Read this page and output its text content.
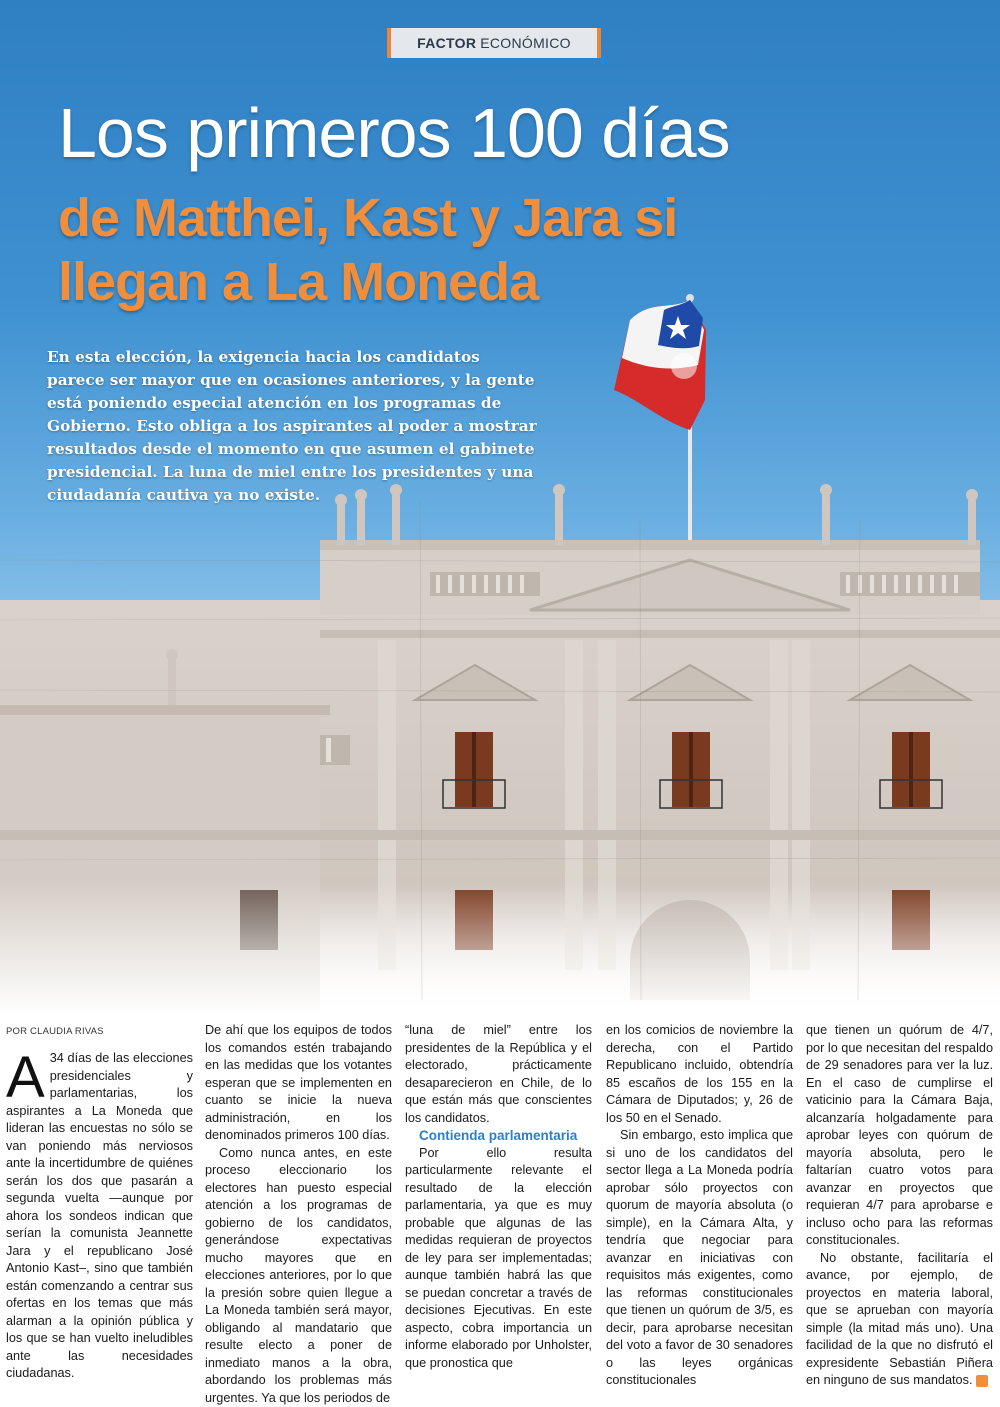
FACTOR ECONÓMICO
Los primeros 100 días
de Matthei, Kast y Jara si llegan a La Moneda
En esta elección, la exigencia hacia los candidatos parece ser mayor que en ocasiones anteriores, y la gente está poniendo especial atención en los programas de Gobierno. Esto obliga a los aspirantes al poder a mostrar resultados desde el momento en que asumen el gabinete presidencial. La luna de miel entre los presidentes y una ciudadanía cautiva ya no existe.
POR CLAUDIA RIVAS
A 34 días de las elecciones presidenciales y parlamentarias, los aspirantes a La Moneda que lideran las encuestas no sólo se van poniendo más nerviosos ante la incertidumbre de quiénes serán los dos que pasarán a segunda vuelta —aunque por ahora los sondeos indican que serían la comunista Jeannette Jara y el republicano José Antonio Kast–, sino que también están comenzando a centrar sus ofertas en los temas que más alarman a la opinión pública y los que se han vuelto ineludibles ante las necesidades ciudadanas.

De ahí que los equipos de todos los comandos estén trabajando en las medidas que los votantes esperan que se implementen en cuanto se inicie la nueva administración, en los denominados primeros 100 días.

Como nunca antes, en este proceso eleccionario los electores han puesto especial atención a los programas de gobierno de los candidatos, generándose expectativas mucho mayores que en elecciones anteriores, por lo que la presión sobre quien llegue a La Moneda también será mayor, obligando al mandatario que resulte electo a poner de inmediato manos a la obra, abordando los problemas más urgentes. Ya que los periodos de

“luna de miel” entre los presidentes de la República y el electorado, prácticamente desaparecieron en Chile, de lo que están más que conscientes los candidatos.

Contienda parlamentaria

Por ello resulta particularmente relevante el resultado de la elección parlamentaria, ya que es muy probable que algunas de las medidas requieran de proyectos de ley para ser implementadas; aunque también habrá las que se puedan concretar a través de decisiones Ejecutivas. En este aspecto, cobra importancia un informe elaborado por Unholster, que pronostica que

en los comicios de noviembre la derecha, con el Partido Republicano incluido, obtendría 85 escaños de los 155 en la Cámara de Diputados; y, 26 de los 50 en el Senado.

Sin embargo, esto implica que si uno de los candidatos del sector llega a La Moneda podría aprobar sólo proyectos con quorum de mayoría absoluta (o simple), en la Cámara Alta, y tendría que negociar para avanzar en iniciativas con requisitos más exigentes, como las reformas constitucionales que tienen un quórum de 3/5, es decir, para aprobarse necesitan del voto a favor de 30 senadores o las leyes orgánicas constitucionales

que tienen un quórum de 4/7, por lo que necesitan del respaldo de 29 senadores para ver la luz. En el caso de cumplirse el vaticinio para la Cámara Baja, alcanzaría holgadamente para aprobar leyes con quórum de mayoría absoluta, pero le faltarían cuatro votos para avanzar en proyectos que requieran 4/7 para aprobarse e incluso ocho para las reformas constitucionales.

No obstante, facilitaría el avance, por ejemplo, de proyectos en materia laboral, que se aprueban con mayoría simple (la mitad más uno). Una facilidad de la que no disfrutó el expresidente Sebastián Piñera en ninguno de sus mandatos. S
